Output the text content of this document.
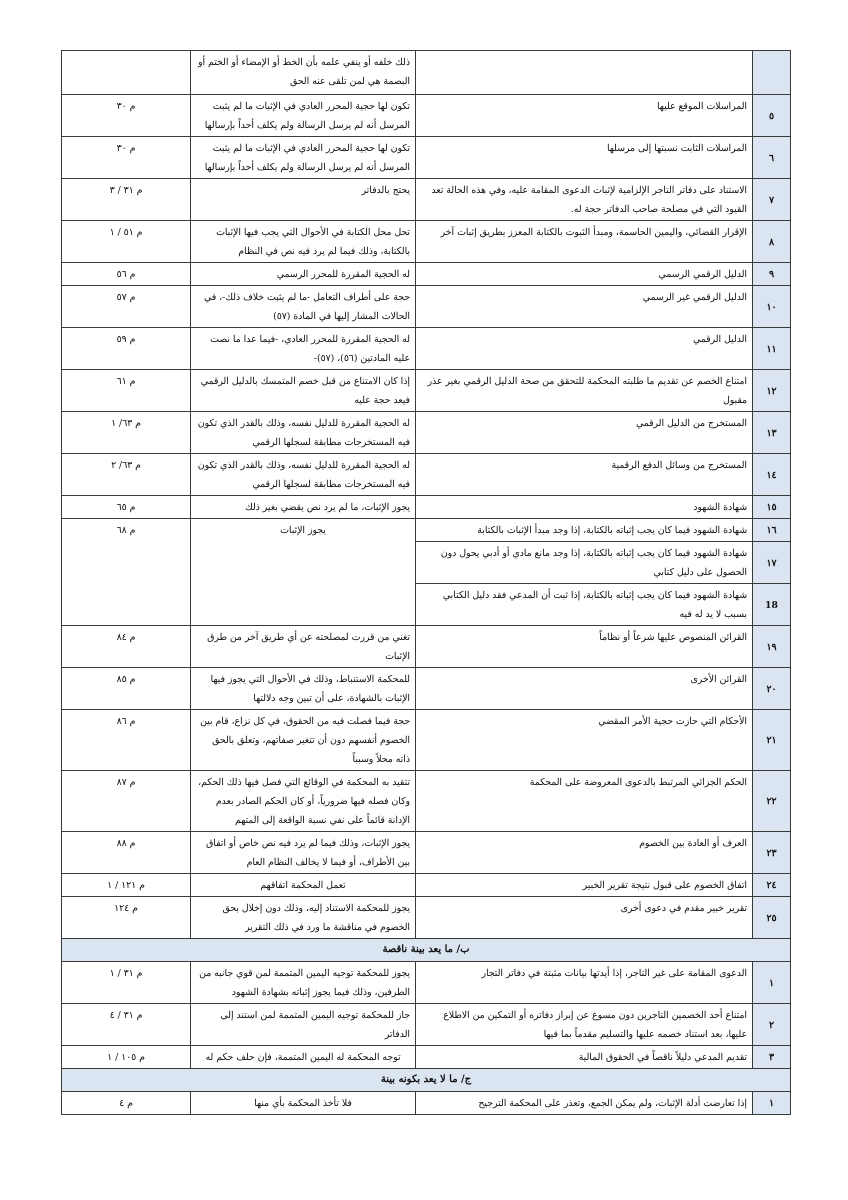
		ذلك خلفه أو ينفي علمه بأن الخط أو الإمضاء أو الختم أو البصمة هي لمن تلقى عنه الحق	
٥	المراسلات الموقع عليها	تكون لها حجية المحرر العادي في الإثبات ما لم يثبت المرسل أنه لم يرسل الرسالة ولم يكلف أحداً بإرسالها	م ٣٠
٦	المراسلات الثابت نسبتها إلى مرسلها	تكون لها حجية المحرر العادي في الإثبات ما لم يثبت المرسل أنه لم يرسل الرسالة ولم يكلف أحداً بإرسالها	م ٣٠
٧	الاستناد على دفاتر التاجر الإلزامية لإثبات الدعوى المقامة عليه، وفي هذه الحالة تعد القيود التي في مصلحة صاحب الدفاتر حجة له.	يحتج بالدفاتر	م ٣١ / ٣
٨	الإقرار القضائي، واليمين الحاسمة، ومبدأ الثبوت بالكتابة المعزز بطريق إثبات آخر	تحل محل الكتابة في الأحوال التي يجب فيها الإثبات بالكتابة، وذلك فيما لم يرد فيه نص في النظام	م ٥١ / ١
٩	الدليل الرقمي الرسمي	له الحجية المقررة للمحرر الرسمي	م ٥٦
١٠	الدليل الرقمي غير الرسمي	حجة على أطراف التعامل -ما لم يثبت خلاف ذلك-، في الحالات المشار إليها في المادة (٥٧)	م ٥٧
١١	الدليل الرقمي	له الحجية المقررة للمحرر العادي، -فيما عدا ما نصت عليه المادتين (٥٦)، (٥٧)-	م ٥٩
١٢	امتناع الخصم عن تقديم ما طلبته المحكمة للتحقق من صحة الدليل الرقمي بغير عذر مقبول	إذا كان الامتناع من قبل خصم المتمسك بالدليل الرقمي فيعد حجة عليه	م ٦١
١٣	المستخرج من الدليل الرقمي	له الحجية المقررة للدليل نفسه، وذلك بالقدر الذي تكون فيه المستخرجات مطابقة لسجلها الرقمي	م ٦٣/ ١
١٤	المستخرج من وسائل الدفع الرقمية	له الحجية المقررة للدليل نفسه، وذلك بالقدر الذي تكون فيه المستخرجات مطابقة لسجلها الرقمي	م ٦٣/ ٢
١٥	شهادة الشهود	يجوز الإثبات، ما لم يرد نص يقضي بغير ذلك	م ٦٥
١٦	شهادة الشهود فيما كان يجب إثباته بالكتابة، إذا وجد مبدأ الإثبات بالكتابة	يجوز الإثبات	م ٦٨
١٧	شهادة الشهود فيما كان يجب إثباته بالكتابة، إذا وجد مانع مادي أو أدبي يحول دون الحصول على دليل كتابي		
18	شهادة الشهود فيما كان يجب إثباته بالكتابة، إذا ثبت أن المدعي فقد دليل الكتابي بسبب لا يد له فيه		
١٩	القرائن المنصوص عليها شرعاً أو نظاماً	تغني من قررت لمصلحته عن أي طريق آخر من طرق الإثبات	م ٨٤
٢٠	القرائن الأخرى	للمحكمة الاستنباط، وذلك في الأحوال التي يجوز فيها الإثبات بالشهادة، على أن تبين وجه دلالتها	م ٨٥
٢١	الأحكام التي حازت حجية الأمر المقضي	حجة فيما فصلت فيه من الحقوق، في كل نزاع، قام بين الخصوم أنفسهم دون أن تتغير صفاتهم، وتعلق بالحق ذاته محلاً وسبباً	م ٨٦
٢٢	الحكم الجزائي المرتبط بالدعوى المعروضة على المحكمة	تتقيد به المحكمة في الوقائع التي فصل فيها ذلك الحكم، وكان فصله فيها ضرورياً، أو كان الحكم الصادر بعدم الإدانة قائماً على نفي نسبة الواقعة إلى المتهم	م ٨٧
٢٣	العرف أو العادة بين الخصوم	يجوز الإثبات، وذلك فيما لم يرد فيه نص خاص أو اتفاق بين الأطراف، أو فيما لا يخالف النظام العام	م ٨٨
٢٤	اتفاق الخصوم على قبول نتيجة تقرير الخبير	تعمل المحكمة اتفاقهم	م ١٢١ / ١
٢٥	تقرير خبير مقدم في دعوى أخرى	يجوز للمحكمة الاستناد إليه، وذلك دون إخلال بحق الخصوم في مناقشة ما ورد في ذلك التقرير	م ١٢٤
ب/ ما يعد بينة ناقصة			
١	الدعوى المقامة على غير التاجر، إذا أيدتها بيانات مثبتة في دفاتر التجار	يجوز للمحكمة توجيه اليمين المتممة لمن قوي جانبه من الطرفين، وذلك فيما يجوز إثباته بشهادة الشهود	م ٣١ / ١
٢	امتناع أحد الخصمين التاجرين دون مسوغ عن إبراز دفاتره أو التمكين من الاطلاع عليها، بعد استناد خصمه عليها والتسليم مقدماً بما فيها	جاز للمحكمة توجيه اليمين المتممة لمن استند إلى الدفاتر	م ٣١ / ٤
٣	تقديم المدعي دليلاً ناقصاً في الحقوق المالية	توجه المحكمة له اليمين المتممة، فإن حلف حكم له	م ١٠٥ / ١
ج/ ما لا يعد بكونه بينة			
١	إذا تعارضت أدلة الإثبات، ولم يمكن الجمع، وتعذر على المحكمة الترجيح	فلا تأخذ المحكمة بأي منها	م ٤
